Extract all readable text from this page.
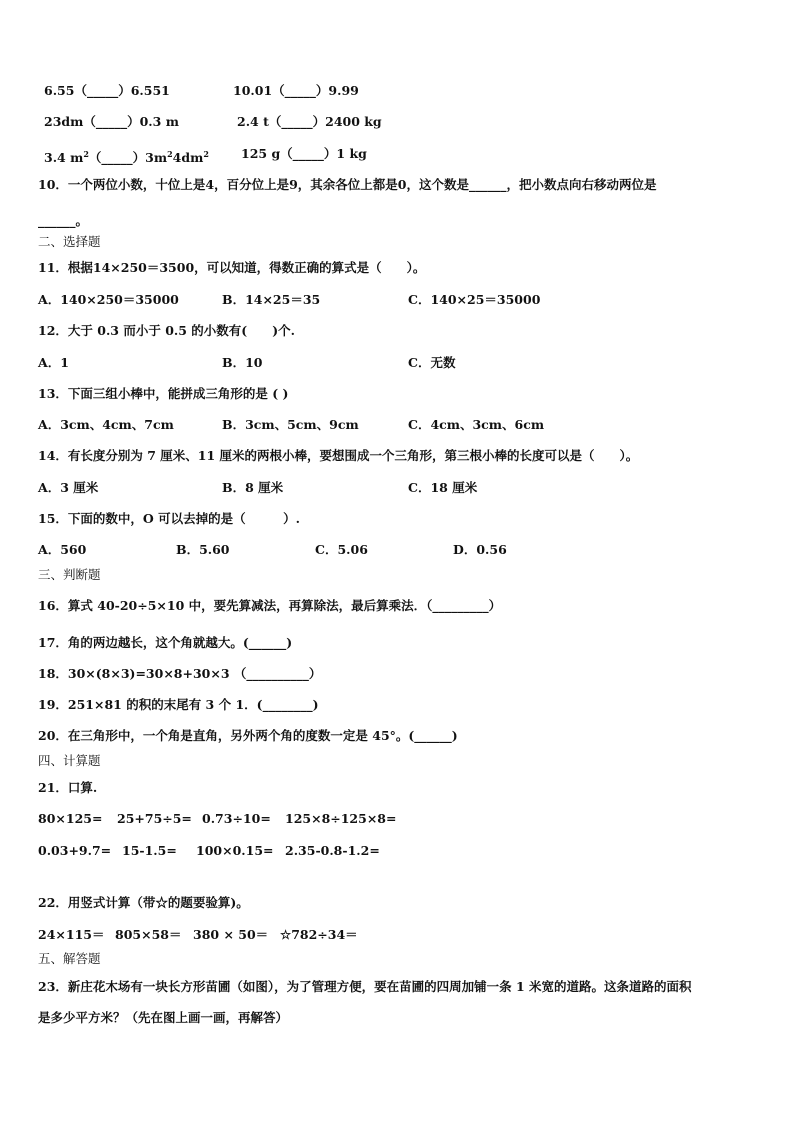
6.55（_____）6.551	10.01（_____）9.99
23dm（_____）0.3 m	2.4 t（_____）2400 kg
3.4 $m^2(\_\_\_\_\_)3m^24dm^2$	125 g（_____）1 kg
10．一个两位小数，十位上是4，百分位上是9，其余各位上都是0，这个数是______，把小数点向右移动两位是
______。
二、选择题
11．根据14×250＝3500，可以知道，得数正确的算式是（　　）。
A．140×250＝35000	B．14×25＝35	C．140×25＝35000
12．大于 0.3 而小于 0.5 的小数有(　　)个.
A．1	B．10	C．无数
13．下面三组小棒中，能拼成三角形的是 ( )
A．3cm、4cm、7cm	B．3cm、5cm、9cm	C．4cm、3cm、6cm
14．有长度分别为 7 厘米、11 厘米的两根小棒，要想围成一个三角形，第三根小棒的长度可以是（　　）。
A．3 厘米	B．8 厘米	C．18 厘米
15．下面的数中，O 可以去掉的是（　　　）.
A．560	B．5.60	C．5.06	D．0.56
三、判断题
16．算式 40-20÷5×10 中，要先算减法，再算除法，最后算乘法．（_________）
17．角的两边越长，这个角就越大。(______)
18．30×(8×3)=30×8+30×3 （__________）
19．251×81 的积的末尾有 3 个 1．(________)
20．在三角形中，一个角是直角，另外两个角的度数一定是 45°。(______)
四、计算题
21．口算.
80×125= 25+75÷5= 0.73÷10= 125×8÷125×8=
0.03+9.7= 15-1.5= 100×0.15= 2.35-0.8-1.2=
22．用竖式计算（带☆的题要验算)。
24×115＝ 805×58＝ 380 × 50＝ ☆782÷34＝
五、解答题
23．新庄花木场有一块长方形苗圃（如图），为了管理方便，要在苗圃的四周加铺一条 1 米宽的道路。这条道路的面积
是多少平方米？（先在图上画一画，再解答）
